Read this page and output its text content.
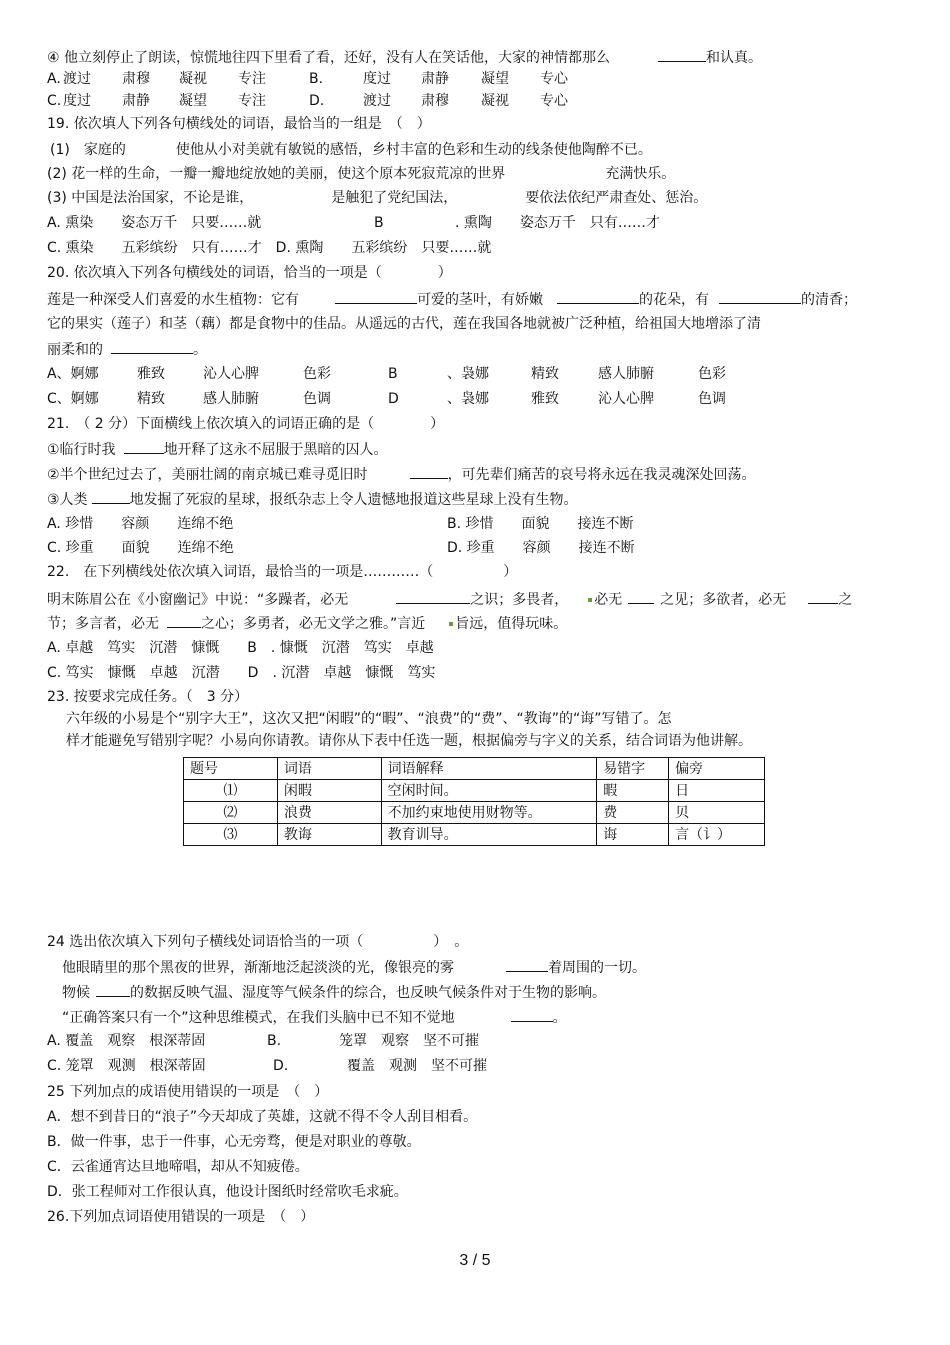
④ 他立刻停止了朗读，惊慌地往四下里看了看，还好，没有人在笑话他，大家的神情都那么	和认真。
A. 渡过 肃穆 凝视 专注	B.	度过 肃静 凝望 专心
C. 度过 肃静 凝望 专注	D.	渡过 肃穆 凝视 专心
19. 依次填人下列各句横线处的词语，最恰当的一组是　（　）
(1)　家庭的	使他从小对美就有敏锐的感悟，乡村丰富的色彩和生动的线条使他陶醉不已。
(2) 花一样的生命，一瓣一瓣地绽放她的美丽，使这个原本死寂荒凉的世界	充满快乐。
(3) 中国是法治国家，不论是谁，	是触犯了党纪国法，	要依法依纪严肃查处、惩治。
A. 熏染　　姿态万千　只要……就	B	. 熏陶　　姿态万千　只有……才
C. 熏染　　五彩缤纷　只有……才　D. 熏陶　　五彩缤纷　只要……就
20. 依次填入下列各句横线处的词语，恰当的一项是（　　　　）
莲是一种深受人们喜爱的水生植物：它有	可爱的茎叶，有娇嫩	的花朵，有	的清香；
它的果实（莲子）和茎（藕）都是食物中的佳品。从遥远的古代，莲在我国各地就被广泛种植，给祖国大地增添了清
丽柔和的	。
A、婀娜	雅致	沁人心脾	色彩	B	、袅娜	精致	感人肺腑	色彩
C、婀娜	精致	感人肺腑	色调	D	、袅娜	雅致	沁人心脾	色调
21.　（ 2 分）下面横线上依次填入的词语正确的是（　　　　）
①临行时我	地开释了这永不屈服于黑暗的囚人。
②半个世纪过去了，美丽壮阔的南京城已难寻觅旧时	，可先辈们痛苦的哀号将永远在我灵魂深处回荡。
③人类	地发掘了死寂的星球，报纸杂志上令人遗憾地报道这些星球上没有生物。
A. 珍惜　　容颜　　连绵不绝	B. 珍惜　　面貌　　接连不断
C. 珍重　　面貌　　连绵不绝	D. 珍重　　容颜　　接连不断
22.　在下列横线处依次填入词语，最恰当的一项是…………（　　　　　）
明末陈眉公在《小窗幽记》中说：“多躁者，必无	之识；多畏者， 必无	之见；多欲者，必无	之
节；多言者，必无	之心；多勇者，必无文学之雅。”言近 旨远，值得玩味。
A. 卓越　笃实　沉潜　慷慨　　B　. 慷慨　沉潜　笃实　卓越
C. 笃实　慷慨　卓越　沉潜　　D　. 沉潜　卓越　慷慨　笃实
23. 按要求完成任务。（　3 分）
六年级的小易是个“别字大王”，这次又把“闲暇”的“暇”、“浪费”的“费”、“教诲”的“诲”写错了。怎
样才能避免写错别字呢？小易向你请教。请你从下表中任选一题，根据偏旁与字义的关系，结合词语为他讲解。
题号	词语	词语解释	易错字	偏旁
⑴	闲暇	空闲时间。	暇	日
⑵	浪费	不加约束地使用财物等。	费	贝
⑶	教诲	教育训导。	诲	言（讠）
24 选出依次填入下列句子横线处词语恰当的一项（　　　　　）　。
他眼睛里的那个黑夜的世界，渐渐地泛起淡淡的光，像银亮的雾	着周围的一切。
物候	的数据反映气温、湿度等气候条件的综合，也反映气候条件对于生物的影响。
“正确答案只有一个”这种思维模式，在我们头脑中已不知不觉地	。
A. 覆盖　观察　根深蒂固	B.	笼罩　观察　坚不可摧
C. 笼罩　观测　根深蒂固	D.	覆盖　观测　坚不可摧
25 下列加点的成语使用错误的一项是　（　）
A．想不到昔日的“浪子”今天却成了英雄，这就不得不令人刮目相看。
B．做一件事，忠于一件事，心无旁骛，便是对职业的尊敬。
C．云雀通宵达旦地啼唱，却从不知疲倦。
D．张工程师对工作很认真，他设计图纸时经常吹毛求疵。
26.下列加点词语使用错误的一项是　（　）
3 / 5
